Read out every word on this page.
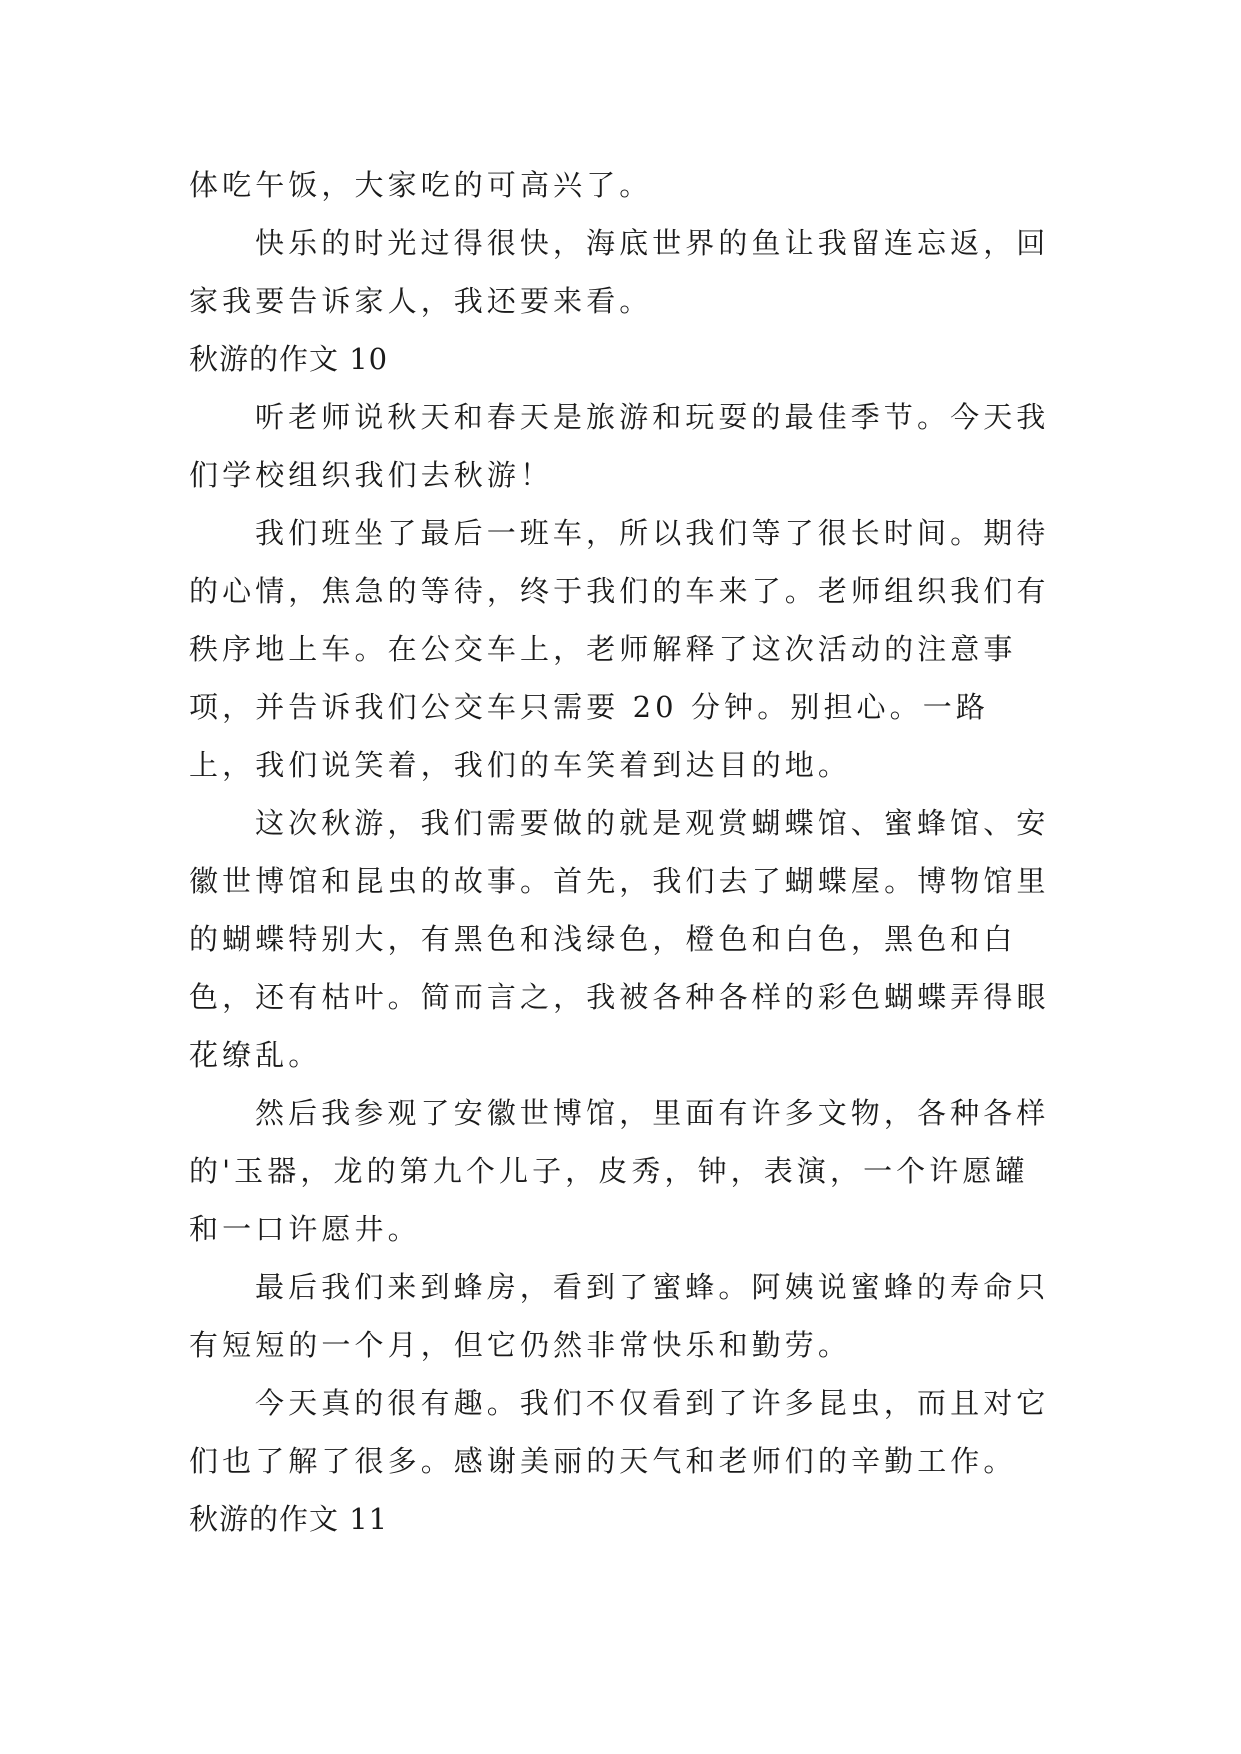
体吃午饭，大家吃的可高兴了。

快乐的时光过得很快，海底世界的鱼让我留连忘返，回家我要告诉家人，我还要来看。

秋游的作文 10

听老师说秋天和春天是旅游和玩耍的最佳季节。今天我们学校组织我们去秋游！

我们班坐了最后一班车，所以我们等了很长时间。期待的心情，焦急的等待，终于我们的车来了。老师组织我们有秩序地上车。在公交车上，老师解释了这次活动的注意事项，并告诉我们公交车只需要 20 分钟。别担心。一路上，我们说笑着，我们的车笑着到达目的地。

这次秋游，我们需要做的就是观赏蝴蝶馆、蜜蜂馆、安徽世博馆和昆虫的故事。首先，我们去了蝴蝶屋。博物馆里的蝴蝶特别大，有黑色和浅绿色，橙色和白色，黑色和白色，还有枯叶。简而言之，我被各种各样的彩色蝴蝶弄得眼花缭乱。

然后我参观了安徽世博馆，里面有许多文物，各种各样的'玉器，龙的第九个儿子，皮秀，钟，表演，一个许愿罐和一口许愿井。

最后我们来到蜂房，看到了蜜蜂。阿姨说蜜蜂的寿命只有短短的一个月，但它仍然非常快乐和勤劳。

今天真的很有趣。我们不仅看到了许多昆虫，而且对它们也了解了很多。感谢美丽的天气和老师们的辛勤工作。

秋游的作文 11
